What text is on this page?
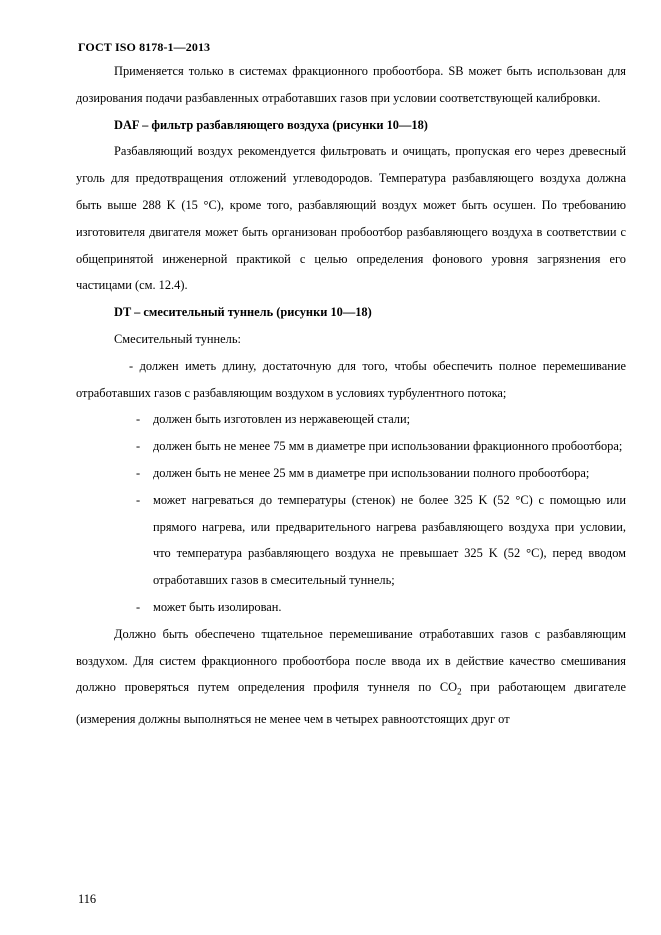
ГОСТ ISO 8178-1—2013

Применяется только в системах фракционного пробоотбора. SB может быть использован для дозирования подачи разбавленных отработавших газов при условии соответствующей калибровки.

DAF – фильтр разбавляющего воздуха (рисунки 10—18)

Разбавляющий воздух рекомендуется фильтровать и очищать, пропуская его через древесный уголь для предотвращения отложений углеводородов. Температура разбавляющего воздуха должна быть выше 288 K (15 °C), кроме того, разбавляющий воздух может быть осушен. По требованию изготовителя двигателя может быть организован пробоотбор разбавляющего воздуха в соответствии с общепринятой инженерной практикой с целью определения фонового уровня загрязнения его частицами (см. 12.4).

DT – смесительный туннель (рисунки 10—18)

Смесительный туннель:

- должен иметь длину, достаточную для того, чтобы обеспечить полное перемешивание отработавших газов с разбавляющим воздухом в условиях турбулентного потока;

- должен быть изготовлен из нержавеющей стали;

- должен быть не менее 75 мм в диаметре при использовании фракционного пробоотбора;

- должен быть не менее 25 мм в диаметре при использовании полного пробоотбора;

- может нагреваться до температуры (стенок) не более 325 K (52 °C) с помощью или прямого нагрева, или предварительного нагрева разбавляющего воздуха при условии, что температура разбавляющего воздуха не превышает 325 K (52 °C), перед вводом отработавших газов в смесительный туннель;

- может быть изолирован.

Должно быть обеспечено тщательное перемешивание отработавших газов с разбавляющим воздухом. Для систем фракционного пробоотбора после ввода их в действие качество смешивания должно проверяться путем определения профиля туннеля по $CO_2$ при работающем двигателе (измерения должны выполняться не менее чем в четырех равноотстоящих друг от

116
